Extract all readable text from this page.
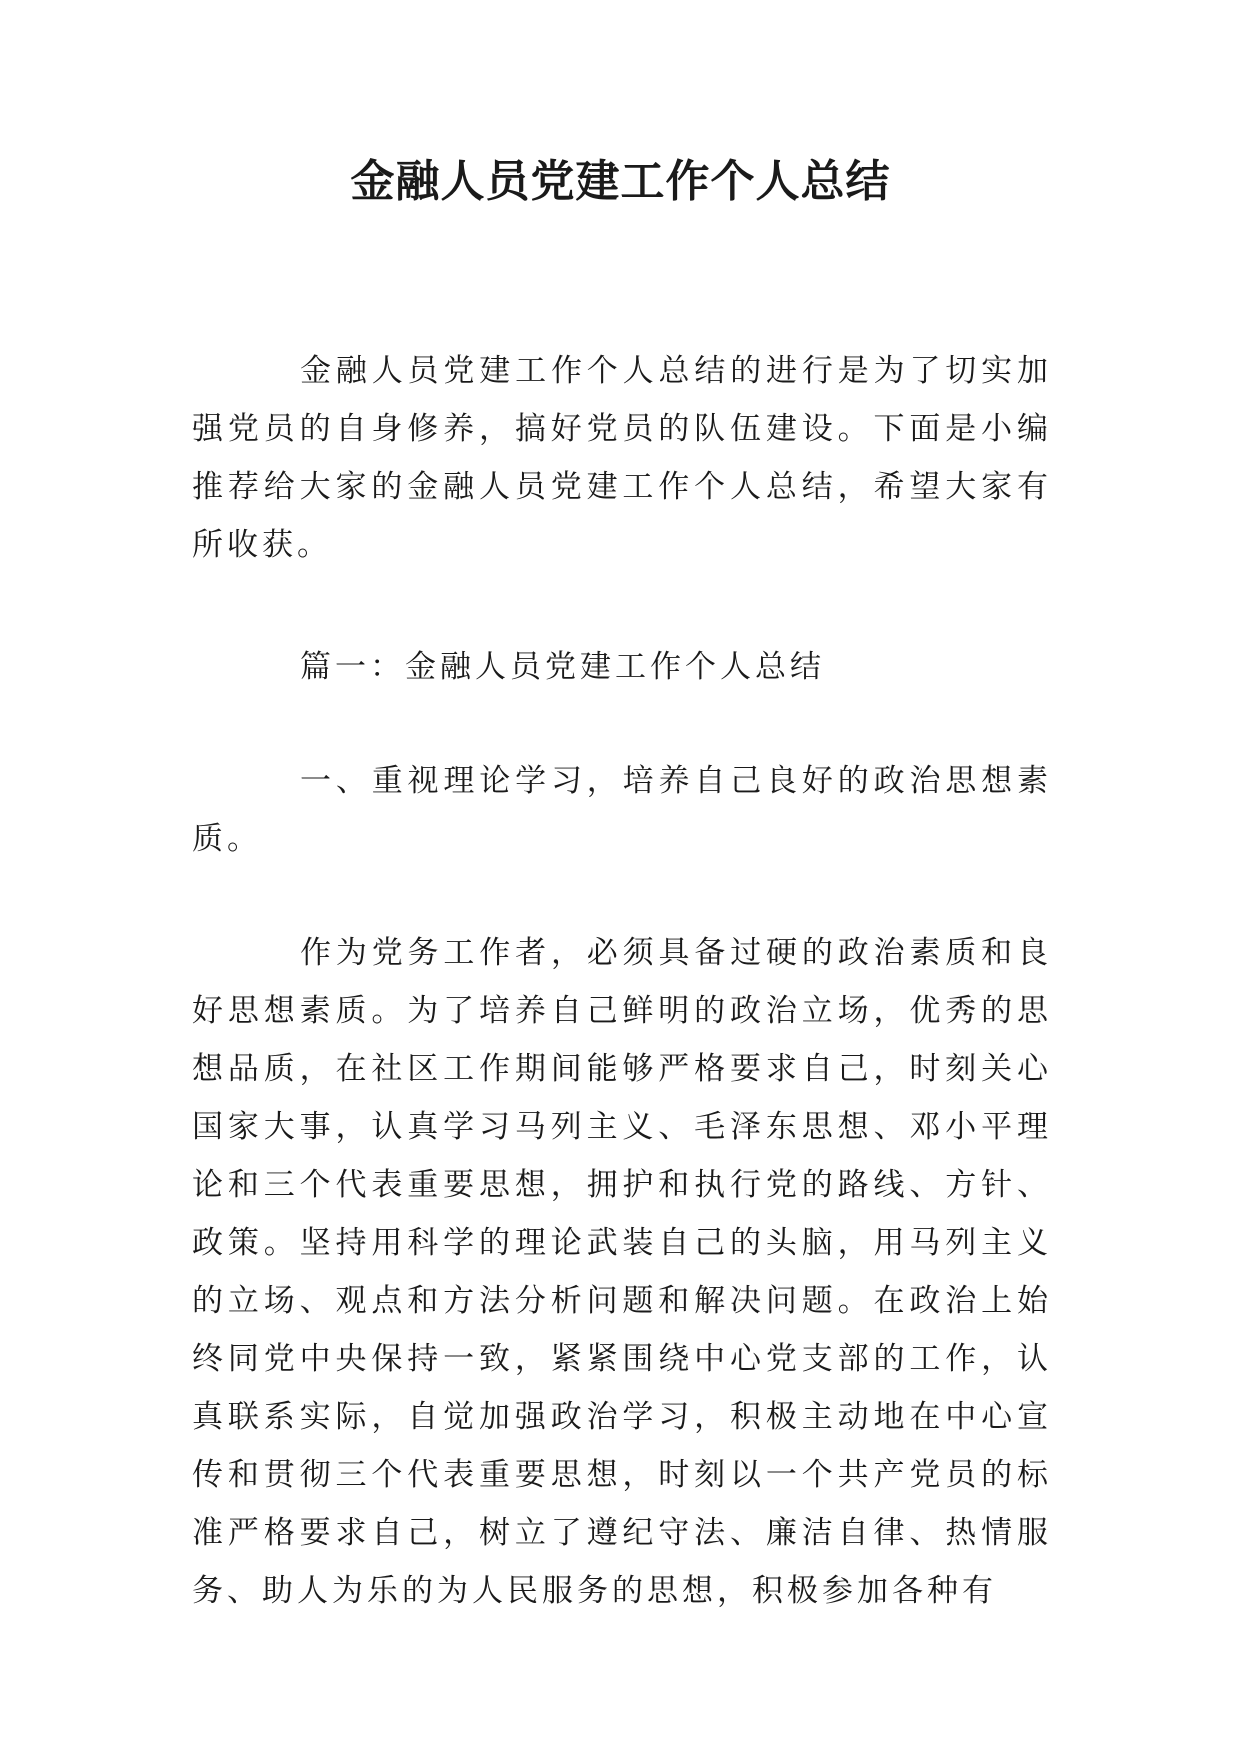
金融人员党建工作个人总结

金融人员党建工作个人总结的进行是为了切实加强党员的自身修养，搞好党员的队伍建设。下面是小编推荐给大家的金融人员党建工作个人总结，希望大家有所收获。

篇一：金融人员党建工作个人总结

一、重视理论学习，培养自己良好的政治思想素质。

作为党务工作者，必须具备过硬的政治素质和良好思想素质。为了培养自己鲜明的政治立场，优秀的思想品质，在社区工作期间能够严格要求自己，时刻关心国家大事，认真学习马列主义、毛泽东思想、邓小平理论和三个代表重要思想，拥护和执行党的路线、方针、政策。坚持用科学的理论武装自己的头脑，用马列主义的立场、观点和方法分析问题和解决问题。在政治上始终同党中央保持一致，紧紧围绕中心党支部的工作，认真联系实际，自觉加强政治学习，积极主动地在中心宣传和贯彻三个代表重要思想，时刻以一个共产党员的标准严格要求自己，树立了遵纪守法、廉洁自律、热情服务、助人为乐的为人民服务的思想，积极参加各种有
